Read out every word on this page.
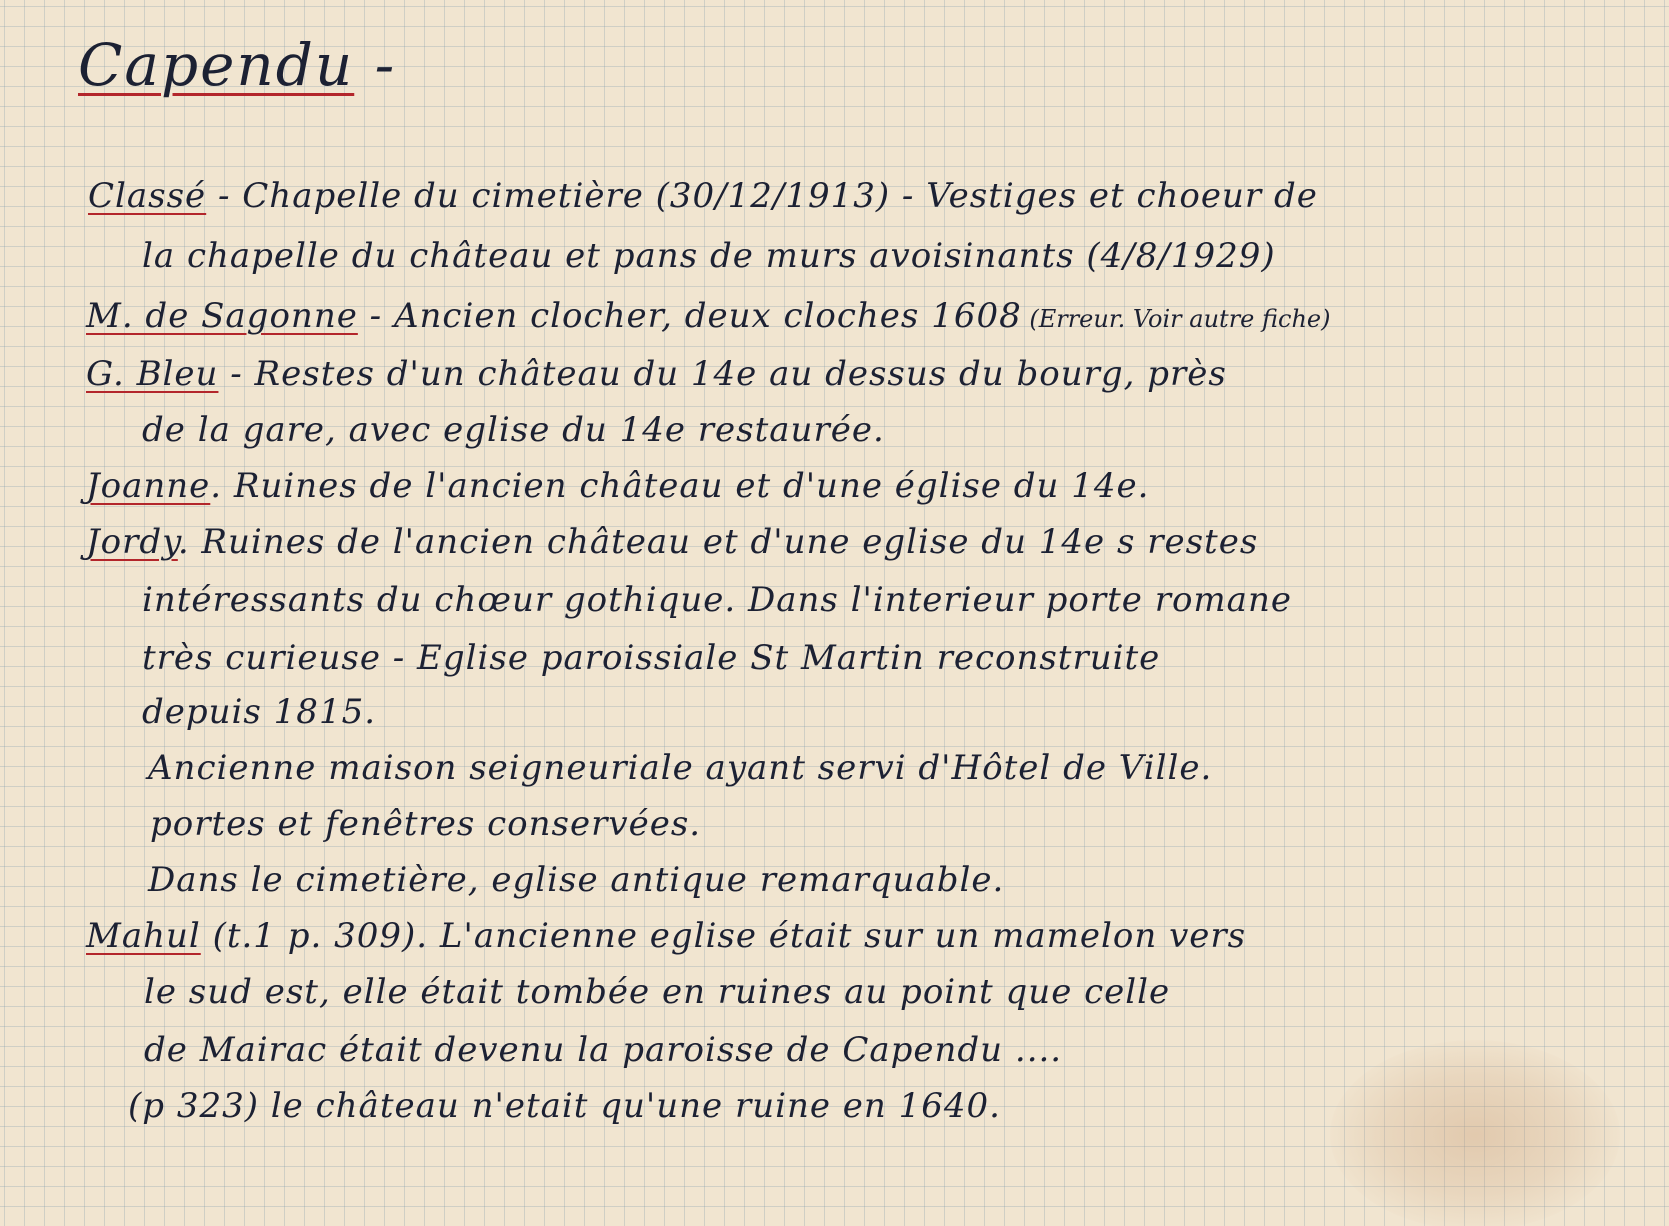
Capendu -
Classé - Chapelle du cimetière (30/12/1913) - Vestiges et choeur de
la chapelle du château et pans de murs avoisinants (4/8/1929)
M. de Sagonne - Ancien clocher, deux cloches 1608 (Erreur. Voir autre fiche)
G. Bleu - Restes d'un château du 14e au dessus du bourg, près
de la gare, avec eglise du 14e restaurée.
Joanne. Ruines de l'ancien château et d'une église du 14e.
Jordy. Ruines de l'ancien château et d'une eglise du 14e s restes
intéressants du chœur gothique. Dans l'interieur porte romane
très curieuse - Eglise paroissiale St Martin reconstruite
depuis 1815.
Ancienne maison seigneuriale ayant servi d'Hôtel de Ville.
portes et fenêtres conservées.
Dans le cimetière, eglise antique remarquable.
Mahul (t.1 p. 309). L'ancienne eglise était sur un mamelon vers
le sud est, elle était tombée en ruines au point que celle
de Mairac était devenu la paroisse de Capendu ....
(p 323) le château n'etait qu'une ruine en 1640.
